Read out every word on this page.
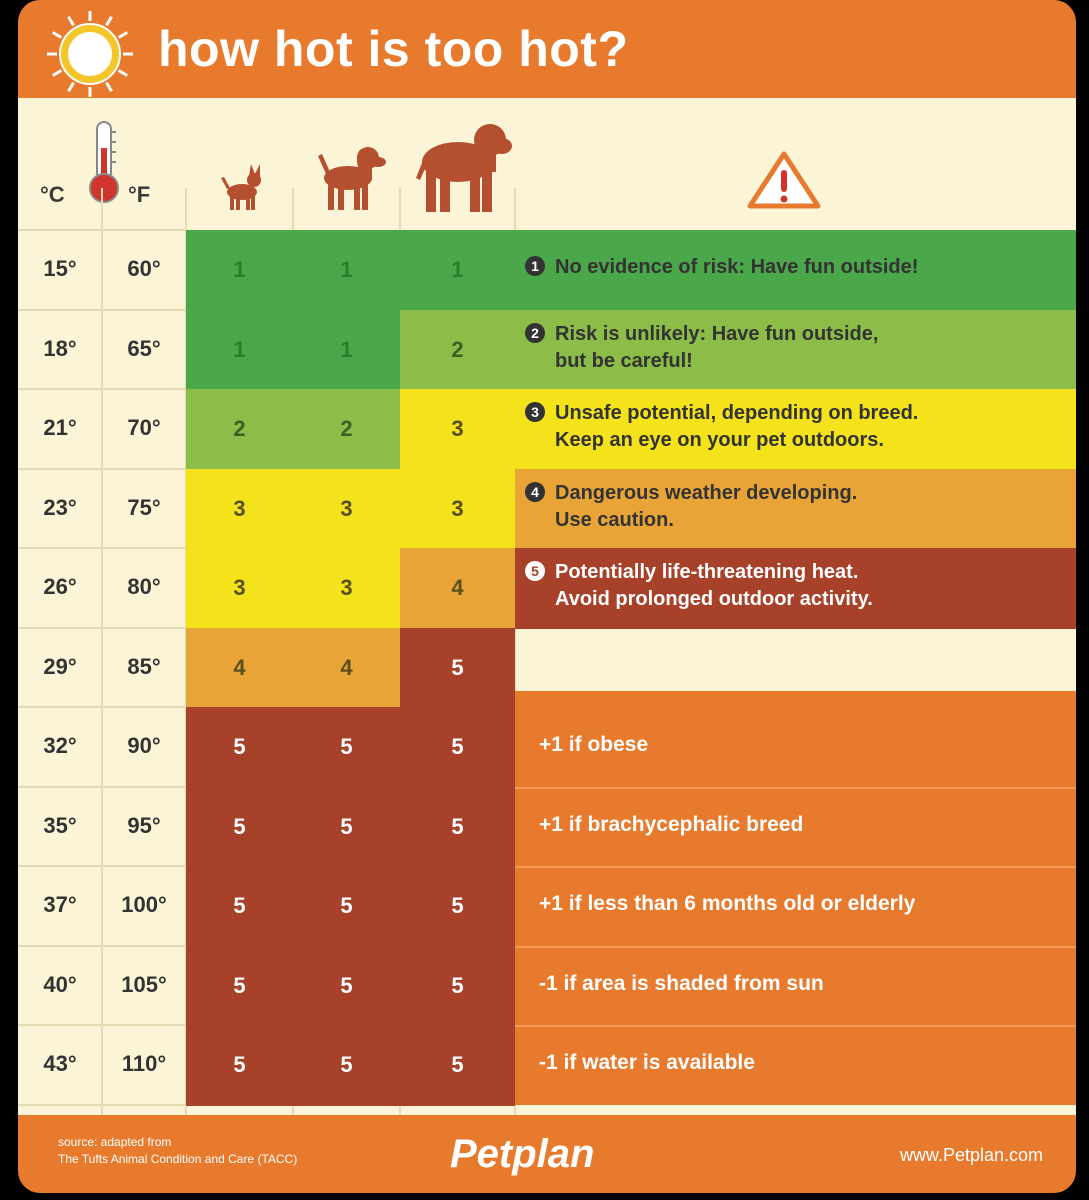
how hot is too hot?
°C	°F
15°	60°	1	1	1
18°	65°	1	1	2
21°	70°	2	2	3
23°	75°	3	3	3
26°	80°	3	3	4
29°	85°	4	4	5
32°	90°	5	5	5
35°	95°	5	5	5
37°	100°	5	5	5
40°	105°	5	5	5
43°	110°	5	5	5
1 No evidence of risk: Have fun outside!
2 Risk is unlikely: Have fun outside,
but be careful!
3 Unsafe potential, depending on breed.
Keep an eye on your pet outdoors.
4 Dangerous weather developing.
Use caution.
5 Potentially life-threatening heat.
Avoid prolonged outdoor activity.
+1 if obese
+1 if brachycephalic breed
+1 if less than 6 months old or elderly
-1 if area is shaded from sun
-1 if water is available
source: adapted from
The Tufts Animal Condition and Care (TACC)	Petplan	www.Petplan.com
